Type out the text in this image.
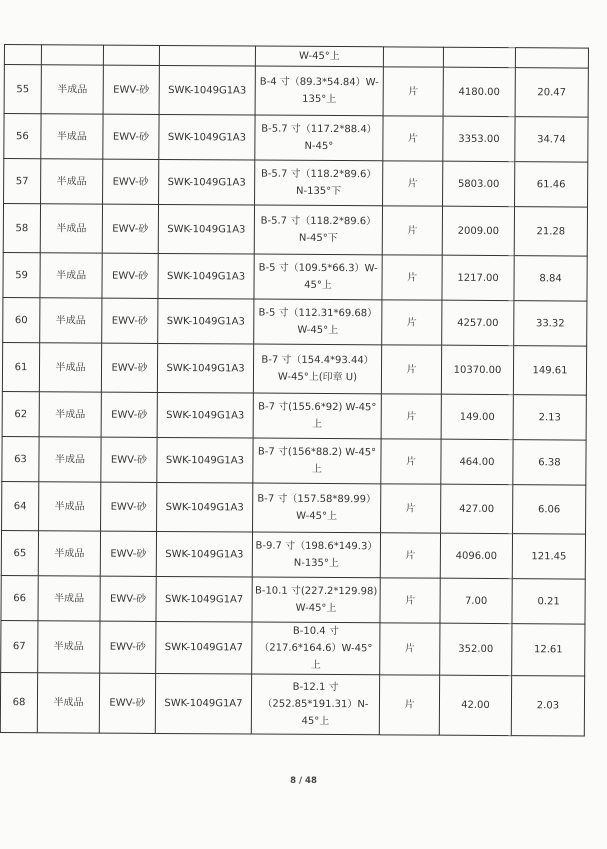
				W-45°上			
55	半成品	EWV-砂	SWK-1049G1A3	B-4 寸（89.3*54.84）W-135°上	片	4180.00	20.47
56	半成品	EWV-砂	SWK-1049G1A3	B-5.7 寸（117.2*88.4）N-45°	片	3353.00	34.74
57	半成品	EWV-砂	SWK-1049G1A3	B-5.7 寸（118.2*89.6）N-135°下	片	5803.00	61.46
58	半成品	EWV-砂	SWK-1049G1A3	B-5.7 寸（118.2*89.6）N-45°下	片	2009.00	21.28
59	半成品	EWV-砂	SWK-1049G1A3	B-5 寸（109.5*66.3）W-45°上	片	1217.00	8.84
60	半成品	EWV-砂	SWK-1049G1A3	B-5 寸（112.31*69.68）W-45°上	片	4257.00	33.32
61	半成品	EWV-砂	SWK-1049G1A3	B-7 寸（154.4*93.44）W-45°上(印章 U)	片	10370.00	149.61
62	半成品	EWV-砂	SWK-1049G1A3	B-7 寸(155.6*92) W-45°上	片	149.00	2.13
63	半成品	EWV-砂	SWK-1049G1A3	B-7 寸(156*88.2) W-45°上	片	464.00	6.38
64	半成品	EWV-砂	SWK-1049G1A3	B-7 寸（157.58*89.99）W-45°上	片	427.00	6.06
65	半成品	EWV-砂	SWK-1049G1A3	B-9.7 寸（198.6*149.3）N-135°上	片	4096.00	121.45
66	半成品	EWV-砂	SWK-1049G1A7	B-10.1 寸(227.2*129.98) W-45°上	片	7.00	0.21
67	半成品	EWV-砂	SWK-1049G1A7	B-10.4 寸（217.6*164.6）W-45°上	片	352.00	12.61
68	半成品	EWV-砂	SWK-1049G1A7	B-12.1 寸（252.85*191.31）N-45°上	片	42.00	2.03
8 / 48
